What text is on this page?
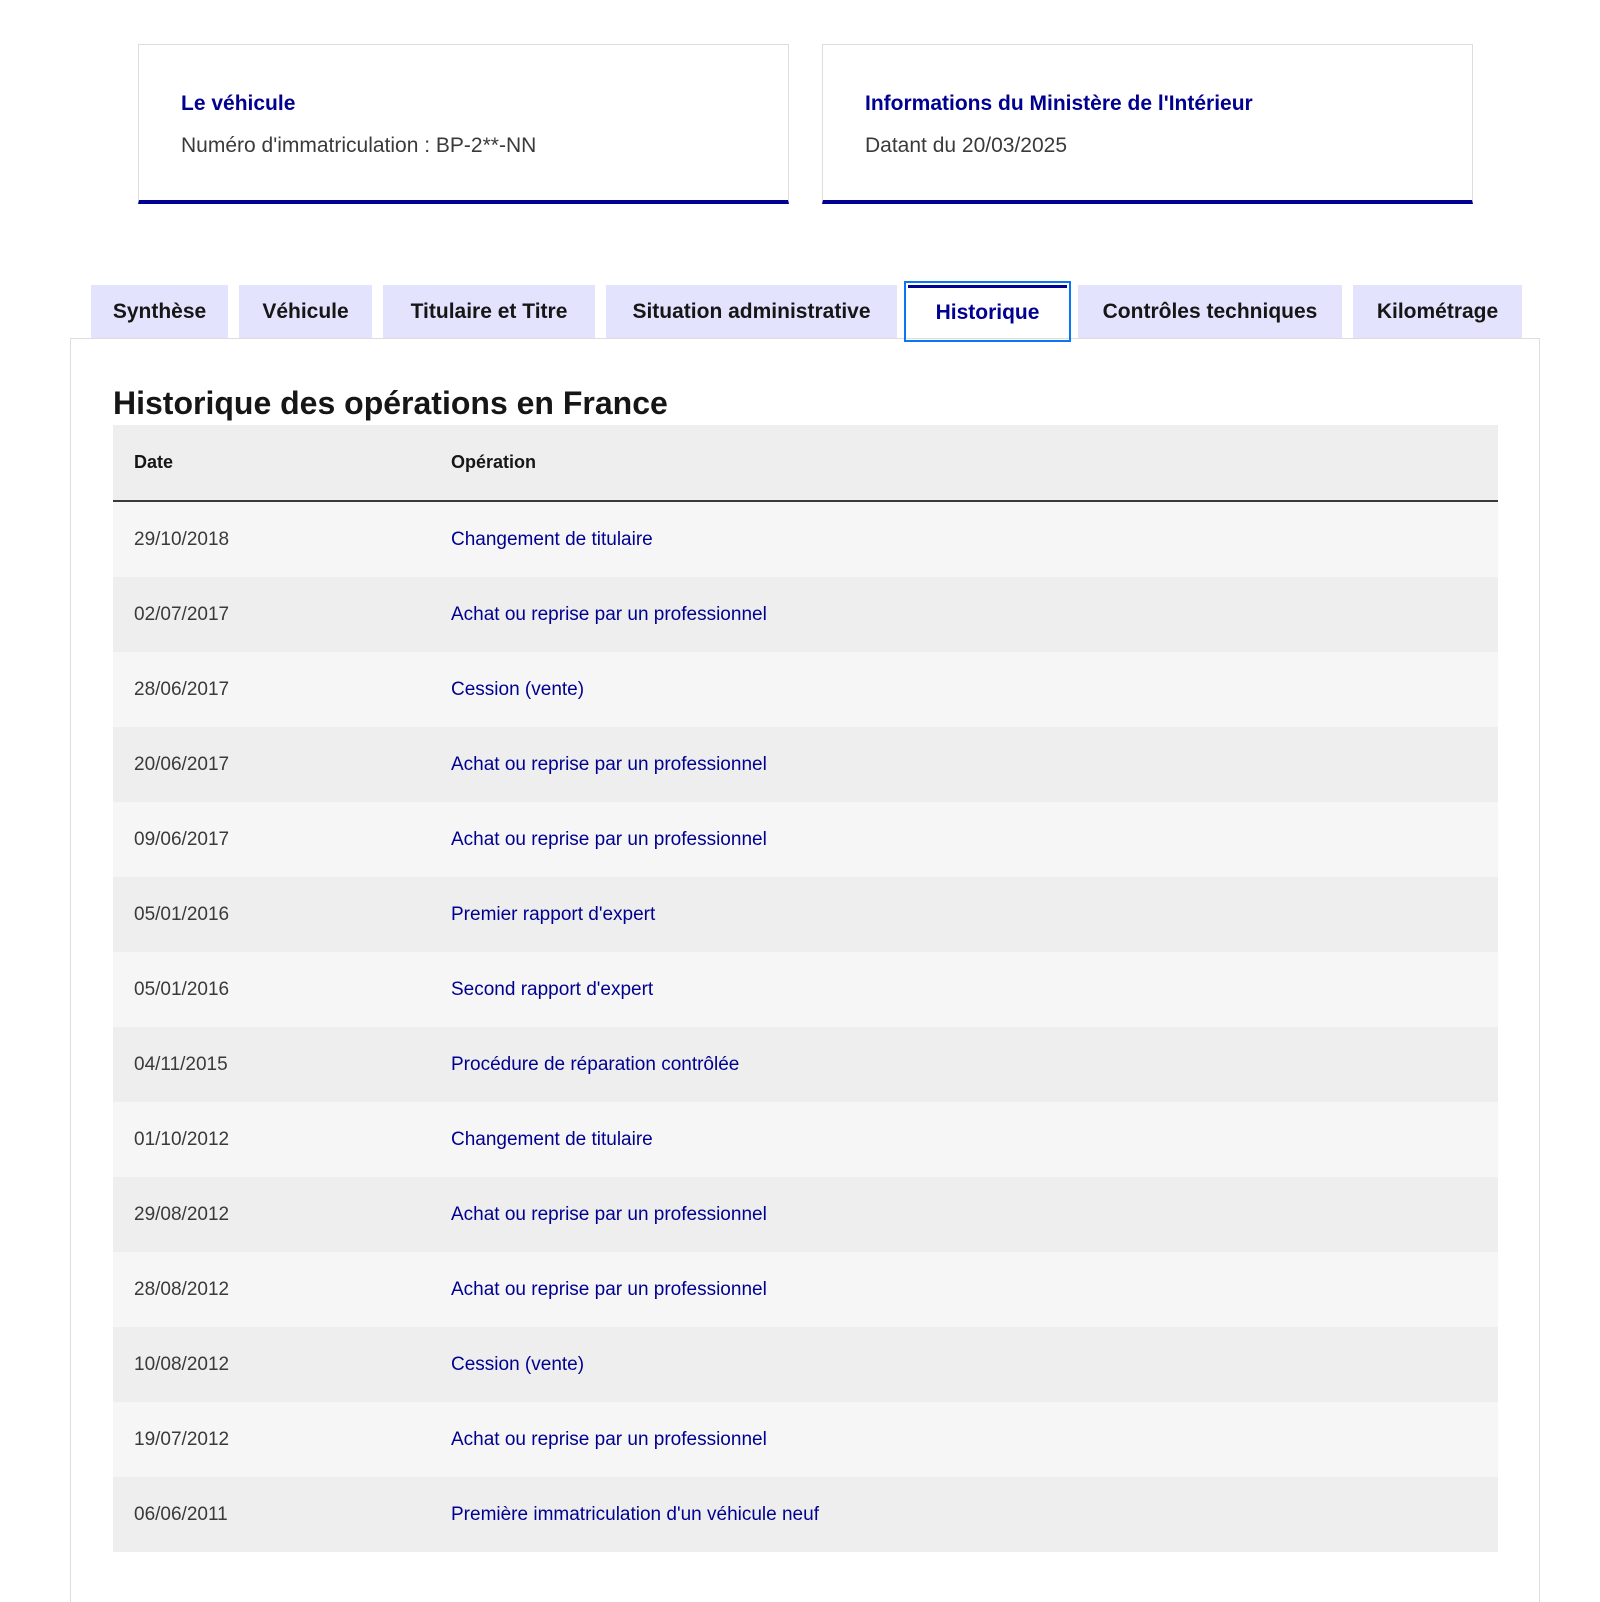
Le véhicule
Numéro d'immatriculation : BP-2**-NN
Informations du Ministère de l'Intérieur
Datant du 20/03/2025
Synthèse	Véhicule	Titulaire et Titre	Situation administrative	Historique	Contrôles techniques	Kilométrage
Historique des opérations en France
Date	Opération
29/10/2018	Changement de titulaire
02/07/2017	Achat ou reprise par un professionnel
28/06/2017	Cession (vente)
20/06/2017	Achat ou reprise par un professionnel
09/06/2017	Achat ou reprise par un professionnel
05/01/2016	Premier rapport d'expert
05/01/2016	Second rapport d'expert
04/11/2015	Procédure de réparation contrôlée
01/10/2012	Changement de titulaire
29/08/2012	Achat ou reprise par un professionnel
28/08/2012	Achat ou reprise par un professionnel
10/08/2012	Cession (vente)
19/07/2012	Achat ou reprise par un professionnel
06/06/2011	Première immatriculation d'un véhicule neuf
